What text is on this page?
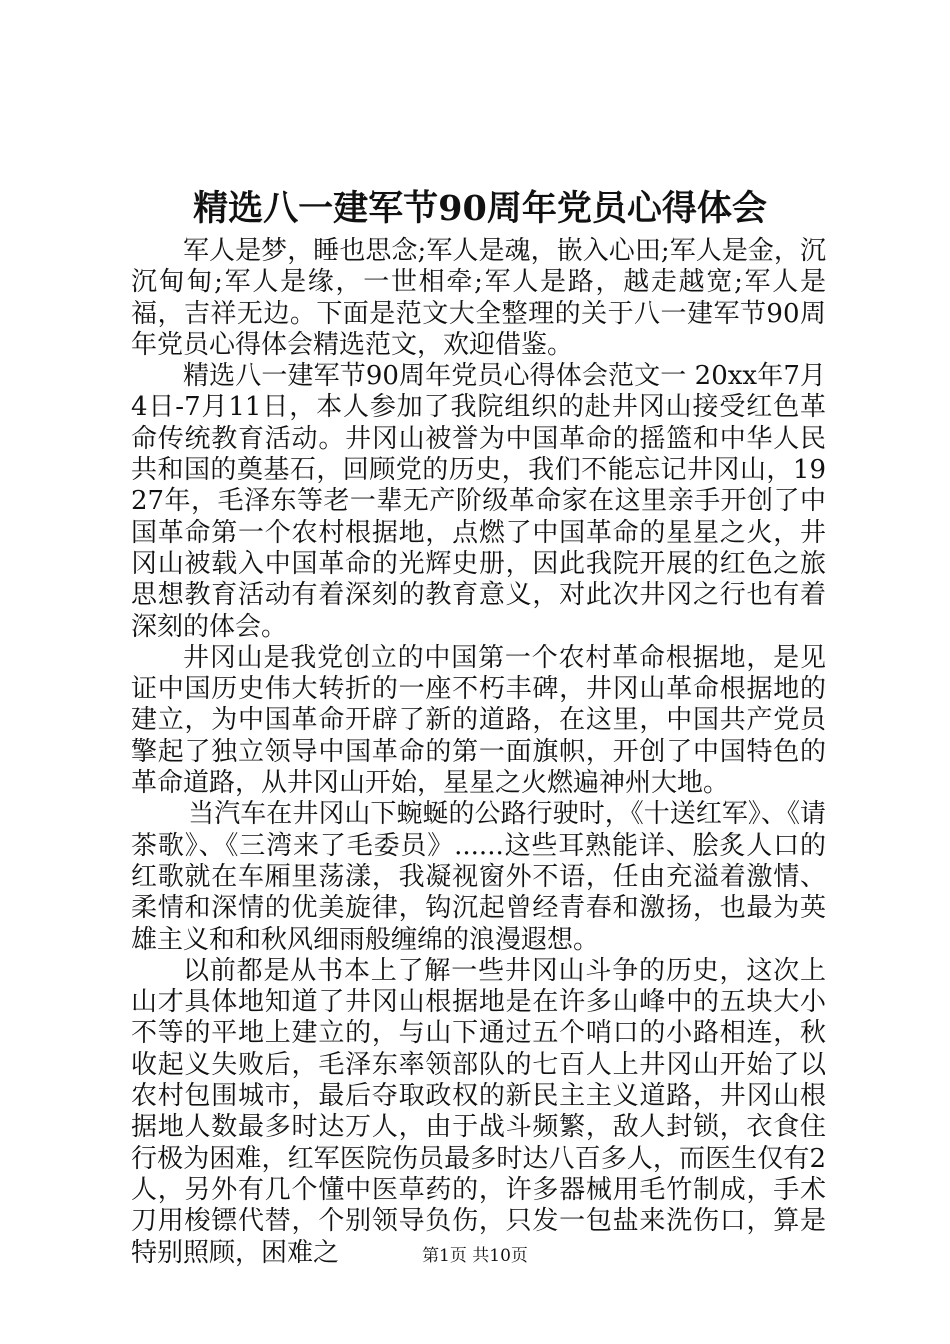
精选八一建军节90周年党员心得体会

军人是梦，睡也思念;军人是魂，嵌入心田;军人是金，沉沉甸甸;军人是缘，一世相牵;军人是路，越走越宽;军人是福，吉祥无边。下面是范文大全整理的关于八一建军节90周年党员心得体会精选范文，欢迎借鉴。

精选八一建军节90周年党员心得体会范文一 20xx年7月4日-7月11日，本人参加了我院组织的赴井冈山接受红色革命传统教育活动。井冈山被誉为中国革命的摇篮和中华人民共和国的奠基石，回顾党的历史，我们不能忘记井冈山，1927年，毛泽东等老一辈无产阶级革命家在这里亲手开创了中国革命第一个农村根据地，点燃了中国革命的星星之火，井冈山被载入中国革命的光辉史册，因此我院开展的红色之旅思想教育活动有着深刻的教育意义，对此次井冈之行也有着深刻的体会。

井冈山是我党创立的中国第一个农村革命根据地，是见证中国历史伟大转折的一座不朽丰碑，井冈山革命根据地的建立，为中国革命开辟了新的道路，在这里，中国共产党员擎起了独立领导中国革命的第一面旗帜，开创了中国特色的革命道路，从井冈山开始，星星之火燃遍神州大地。

当汽车在井冈山下蜿蜒的公路行驶时，《十送红军》、《请茶歌》、《三湾来了毛委员》......这些耳熟能详、脍炙人口的红歌就在车厢里荡漾，我凝视窗外不语，任由充溢着激情、柔情和深情的优美旋律，钩沉起曾经青春和激扬，也最为英雄主义和和秋风细雨般缠绵的浪漫遐想。

以前都是从书本上了解一些井冈山斗争的历史，这次上山才具体地知道了井冈山根据地是在许多山峰中的五块大小不等的平地上建立的，与山下通过五个哨口的小路相连，秋收起义失败后，毛泽东率领部队的七百人上井冈山开始了以农村包围城市，最后夺取政权的新民主主义道路，井冈山根据地人数最多时达万人，由于战斗频繁，敌人封锁，衣食住行极为困难，红军医院伤员最多时达八百多人，而医生仅有2人，另外有几个懂中医草药的，许多器械用毛竹制成，手术刀用梭镖代替，个别领导负伤，只发一包盐来洗伤口，算是特别照顾，困难之	第1页 共10页
